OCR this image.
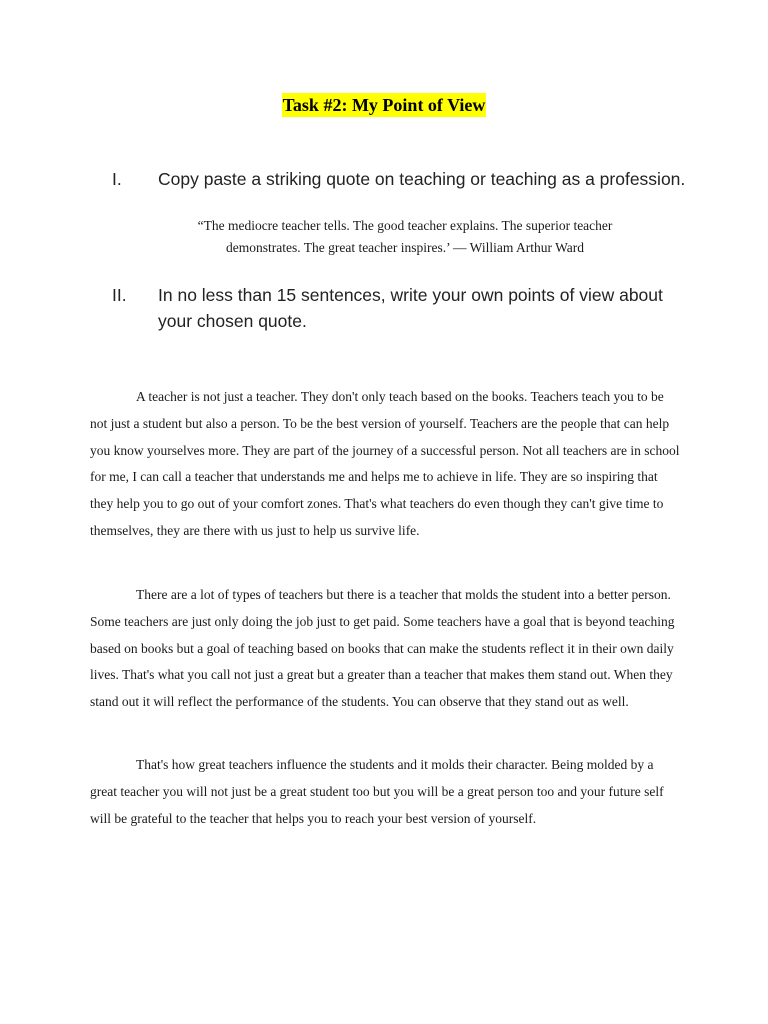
Task #2: My Point of View
I. Copy paste a striking quote on teaching or teaching as a profession.
“The mediocre teacher tells. The good teacher explains. The superior teacher demonstrates. The great teacher inspires.’ — William Arthur Ward
II. In no less than 15 sentences, write your own points of view about your chosen quote.

A teacher is not just a teacher. They don't only teach based on the books. Teachers teach you to be not just a student but also a person. To be the best version of yourself. Teachers are the people that can help you know yourselves more. They are part of the journey of a successful person. Not all teachers are in school for me, I can call a teacher that understands me and helps me to achieve in life. They are so inspiring that they help you to go out of your comfort zones. That's what teachers do even though they can't give time to themselves, they are there with us just to help us survive life.

There are a lot of types of teachers but there is a teacher that molds the student into a better person. Some teachers are just only doing the job just to get paid. Some teachers have a goal that is beyond teaching based on books but a goal of teaching based on books that can make the students reflect it in their own daily lives. That's what you call not just a great but a greater than a teacher that makes them stand out. When they stand out it will reflect the performance of the students. You can observe that they stand out as well.

That's how great teachers influence the students and it molds their character. Being molded by a great teacher you will not just be a great student too but you will be a great person too and your future self will be grateful to the teacher that helps you to reach your best version of yourself.
